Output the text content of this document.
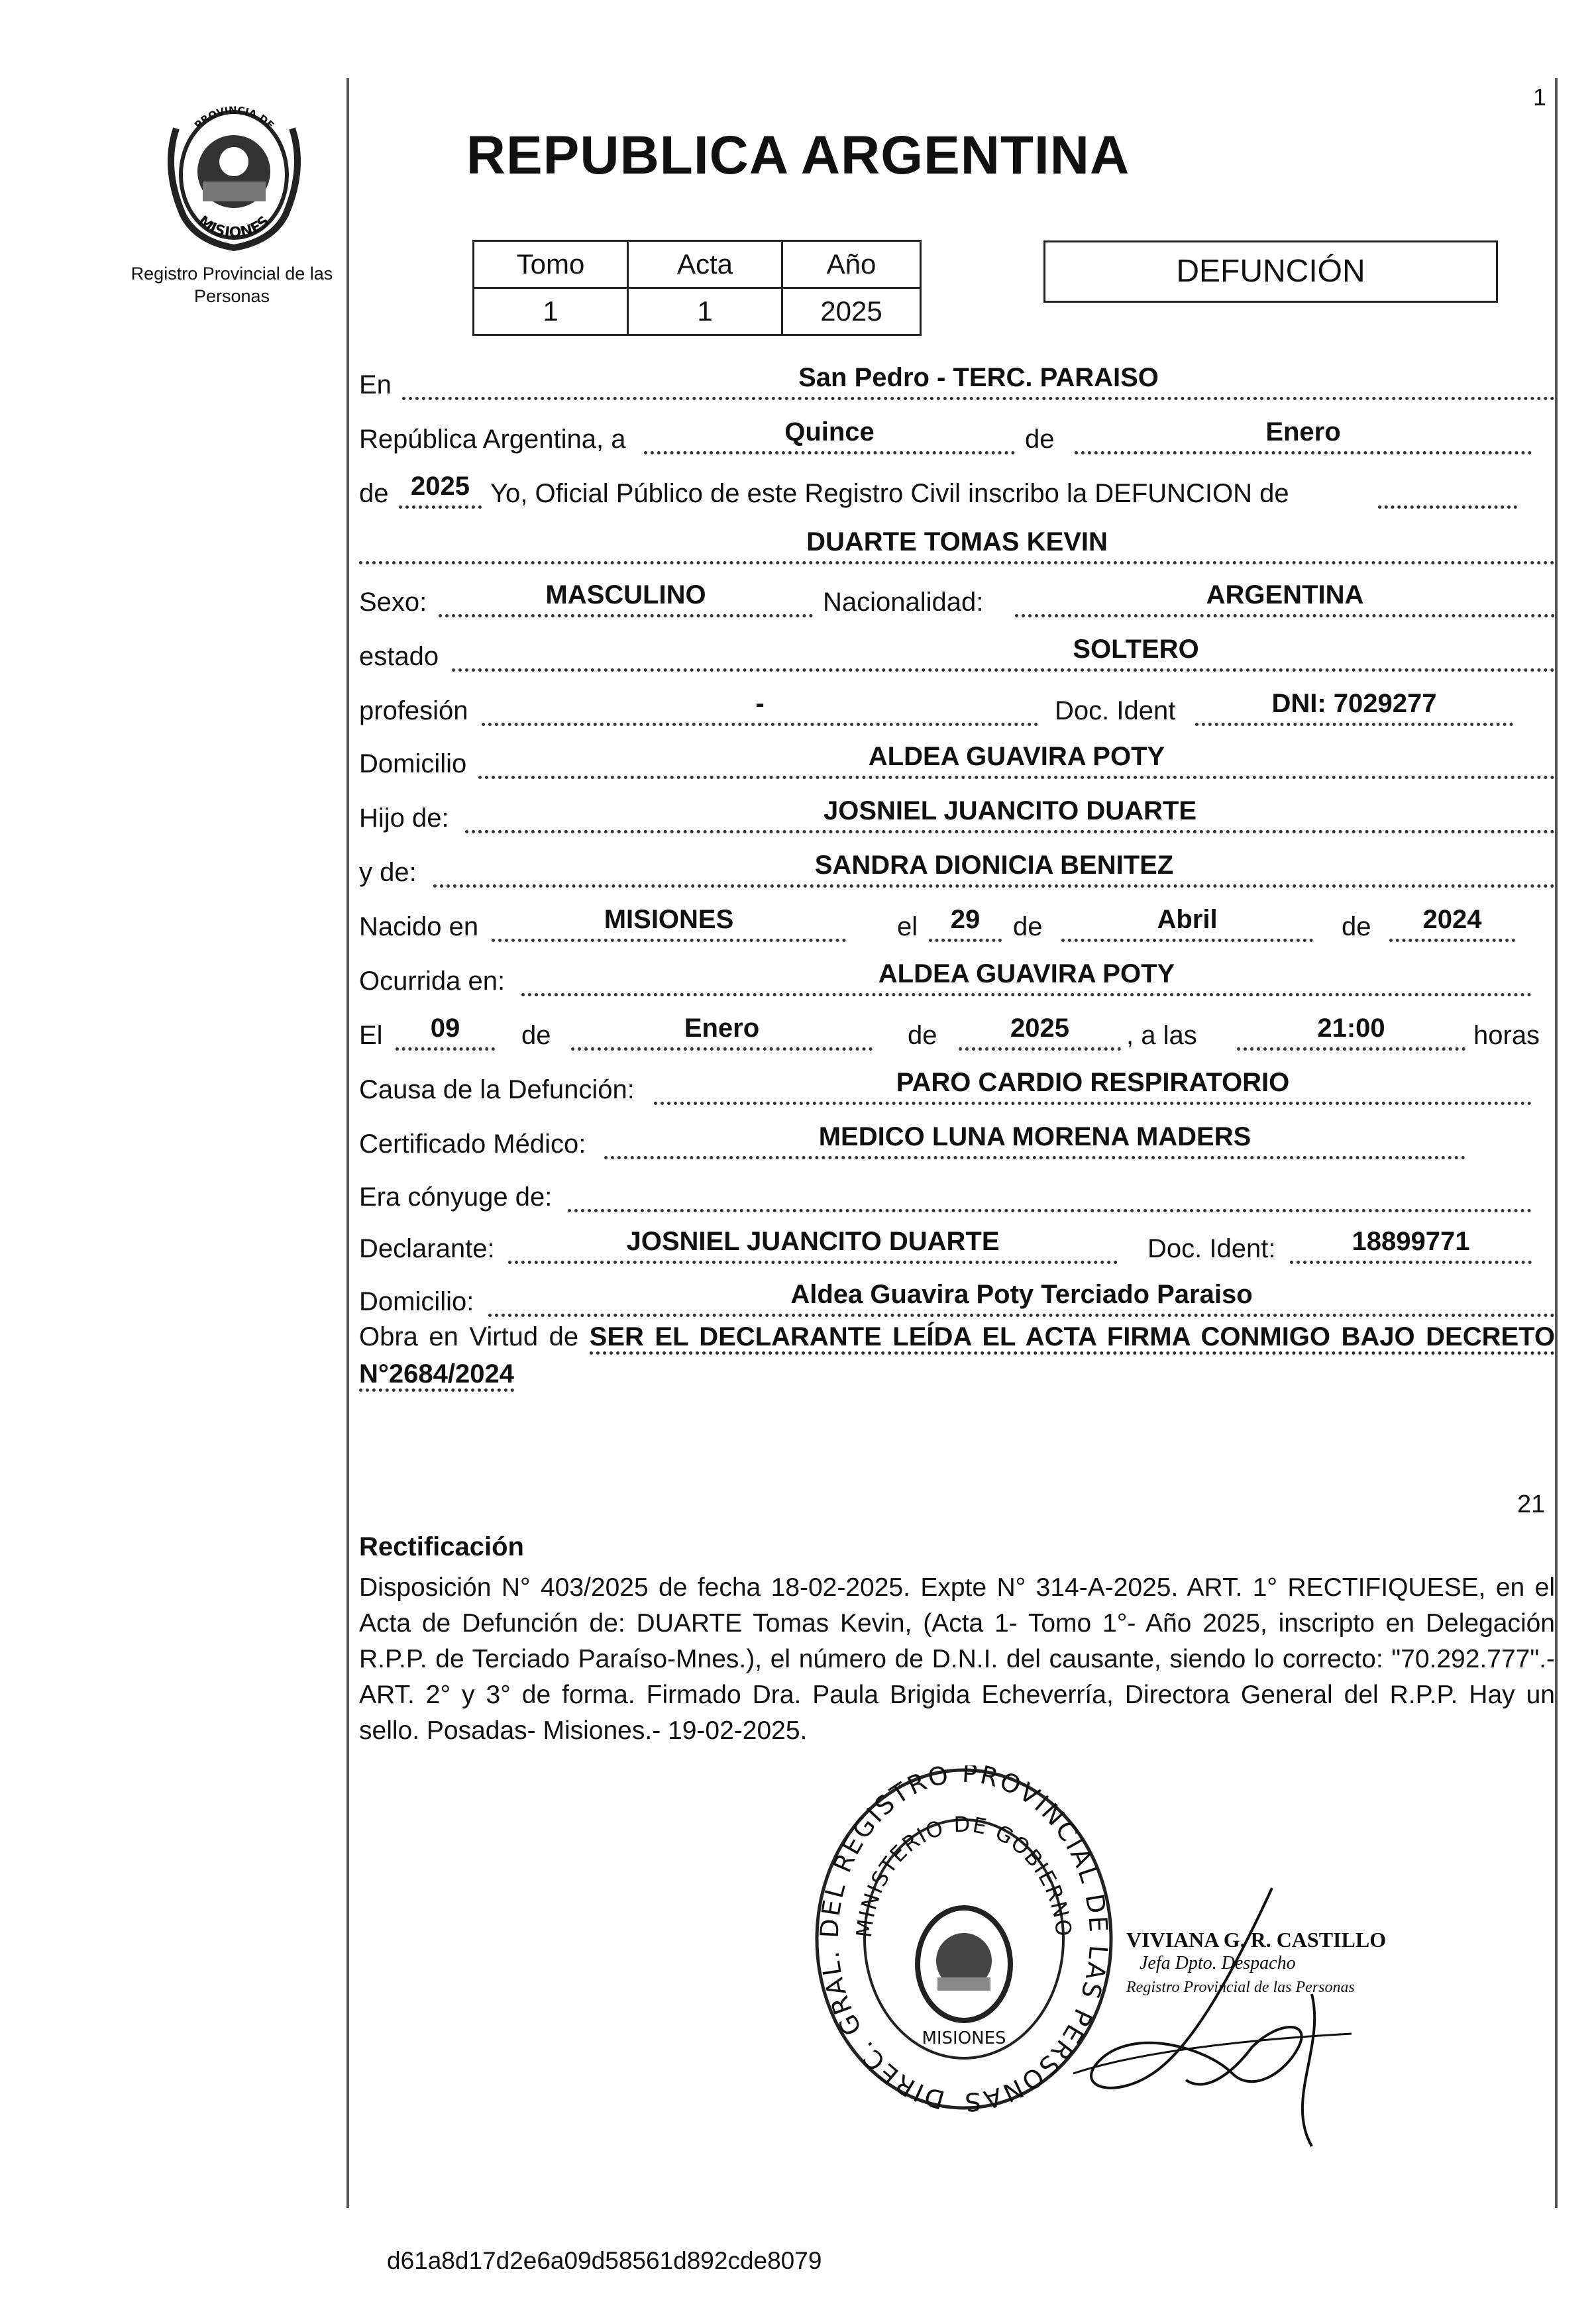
1
PROVINCIA DE
MISIONES
Registro Provincial de las Personas
REPUBLICA ARGENTINA
Tomo	Acta	Año
1	1	2025
DEFUNCIÓN
En	San Pedro - TERC. PARAISO
República Argentina, a	Quince	de	Enero
de 2025 Yo, Oficial Público de este Registro Civil inscribo la DEFUNCION de
DUARTE TOMAS KEVIN
Sexo:	MASCULINO	Nacionalidad:	ARGENTINA
estado	SOLTERO
profesión	-	Doc. Ident	DNI: 7029277
Domicilio	ALDEA GUAVIRA POTY
Hijo de:	JOSNIEL JUANCITO DUARTE
y de:	SANDRA DIONICIA BENITEZ
Nacido en	MISIONES	el	29	de	Abril	de	2024
Ocurrida en:	ALDEA GUAVIRA POTY
El	09	de	Enero	de	2025	, a las	21:00	horas
Causa de la Defunción:	PARO CARDIO RESPIRATORIO
Certificado Médico:	MEDICO LUNA MORENA MADERS
Era cónyuge de:
Declarante:	JOSNIEL JUANCITO DUARTE	Doc. Ident:	18899771
Domicilio:	Aldea Guavira Poty Terciado Paraiso
Obra en Virtud de SER EL DECLARANTE LEÍDA EL ACTA FIRMA CONMIGO BAJO DECRETO N°2684/2024
21
Rectificación
Disposición N° 403/2025 de fecha 18-02-2025. Expte N° 314-A-2025. ART. 1° RECTIFIQUESE, en el Acta de Defunción de: DUARTE Tomas Kevin, (Acta 1- Tomo 1°- Año 2025, inscripto en Delegación R.P.P. de Terciado Paraíso-Mnes.), el número de D.N.I. del causante, siendo lo correcto: "70.292.777".- ART. 2° y 3° de forma. Firmado Dra. Paula Brigida Echeverría, Directora General del R.P.P. Hay un sello. Posadas- Misiones.- 19-02-2025.
DIREC. GRAL. DEL REGISTRO PROVINCIAL DE LAS PERSONAS
MINISTERIO DE GOBIERNO
MISIONES
VIVIANA G. R. CASTILLO
Jefa Dpto. Despacho
Registro Provincial de las Personas
d61a8d17d2e6a09d58561d892cde8079
